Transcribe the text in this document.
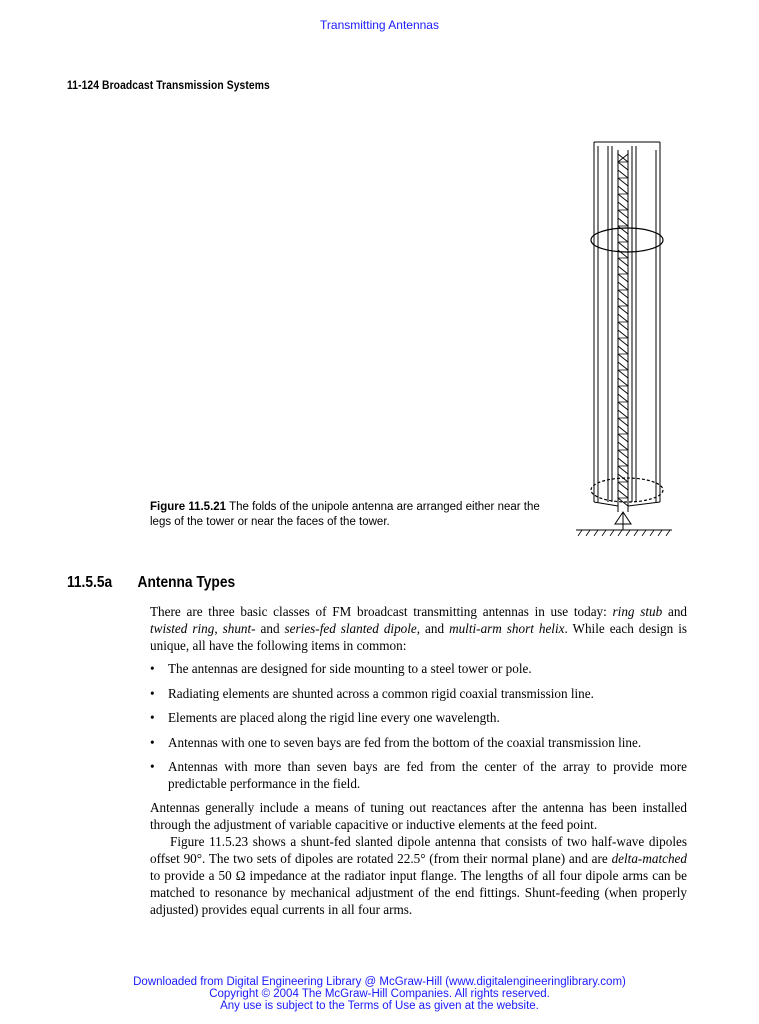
Transmitting Antennas
11-124 Broadcast Transmission Systems
Figure 11.5.21 The folds of the unipole antenna are arranged either near the legs of the tower or near the faces of the tower.
11.5.5a Antenna Types
There are three basic classes of FM broadcast transmitting antennas in use today: ring stub and twisted ring, shunt- and series-fed slanted dipole, and multi-arm short helix. While each design is unique, all have the following items in common:
• The antennas are designed for side mounting to a steel tower or pole.
• Radiating elements are shunted across a common rigid coaxial transmission line.
• Elements are placed along the rigid line every one wavelength.
• Antennas with one to seven bays are fed from the bottom of the coaxial transmission line.
• Antennas with more than seven bays are fed from the center of the array to provide more predictable performance in the field.
Antennas generally include a means of tuning out reactances after the antenna has been installed through the adjustment of variable capacitive or inductive elements at the feed point.
Figure 11.5.23 shows a shunt-fed slanted dipole antenna that consists of two half-wave dipoles offset 90°. The two sets of dipoles are rotated 22.5° (from their normal plane) and are delta-matched to provide a 50 Ω impedance at the radiator input flange. The lengths of all four dipole arms can be matched to resonance by mechanical adjustment of the end fittings. Shunt-feeding (when properly adjusted) provides equal currents in all four arms.
Downloaded from Digital Engineering Library @ McGraw-Hill (www.digitalengineeringlibrary.com)
Copyright © 2004 The McGraw-Hill Companies. All rights reserved.
Any use is subject to the Terms of Use as given at the website.
